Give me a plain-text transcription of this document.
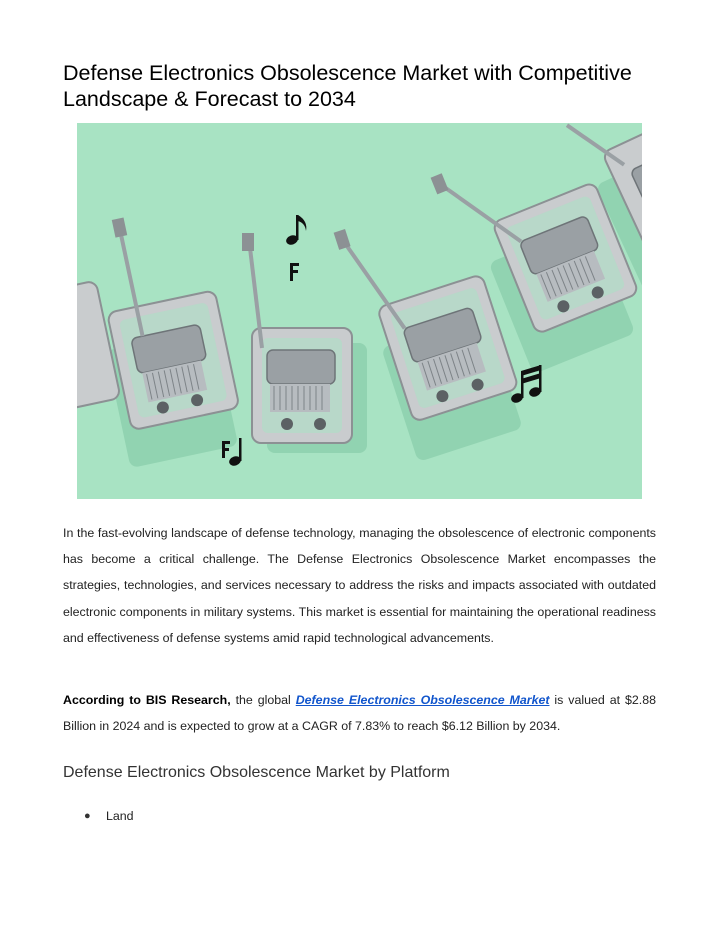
Defense Electronics Obsolescence Market with Competitive Landscape & Forecast to 2034

In the fast-evolving landscape of defense technology, managing the obsolescence of electronic components has become a critical challenge. The Defense Electronics Obsolescence Market encompasses the strategies, technologies, and services necessary to address the risks and impacts associated with outdated electronic components in military systems. This market is essential for maintaining the operational readiness and effectiveness of defense systems amid rapid technological advancements.

According to BIS Research, the global Defense Electronics Obsolescence Market is valued at $2.88 Billion in 2024 and is expected to grow at a CAGR of 7.83% to reach $6.12 Billion by 2034.

Defense Electronics Obsolescence Market by Platform
●	Land
